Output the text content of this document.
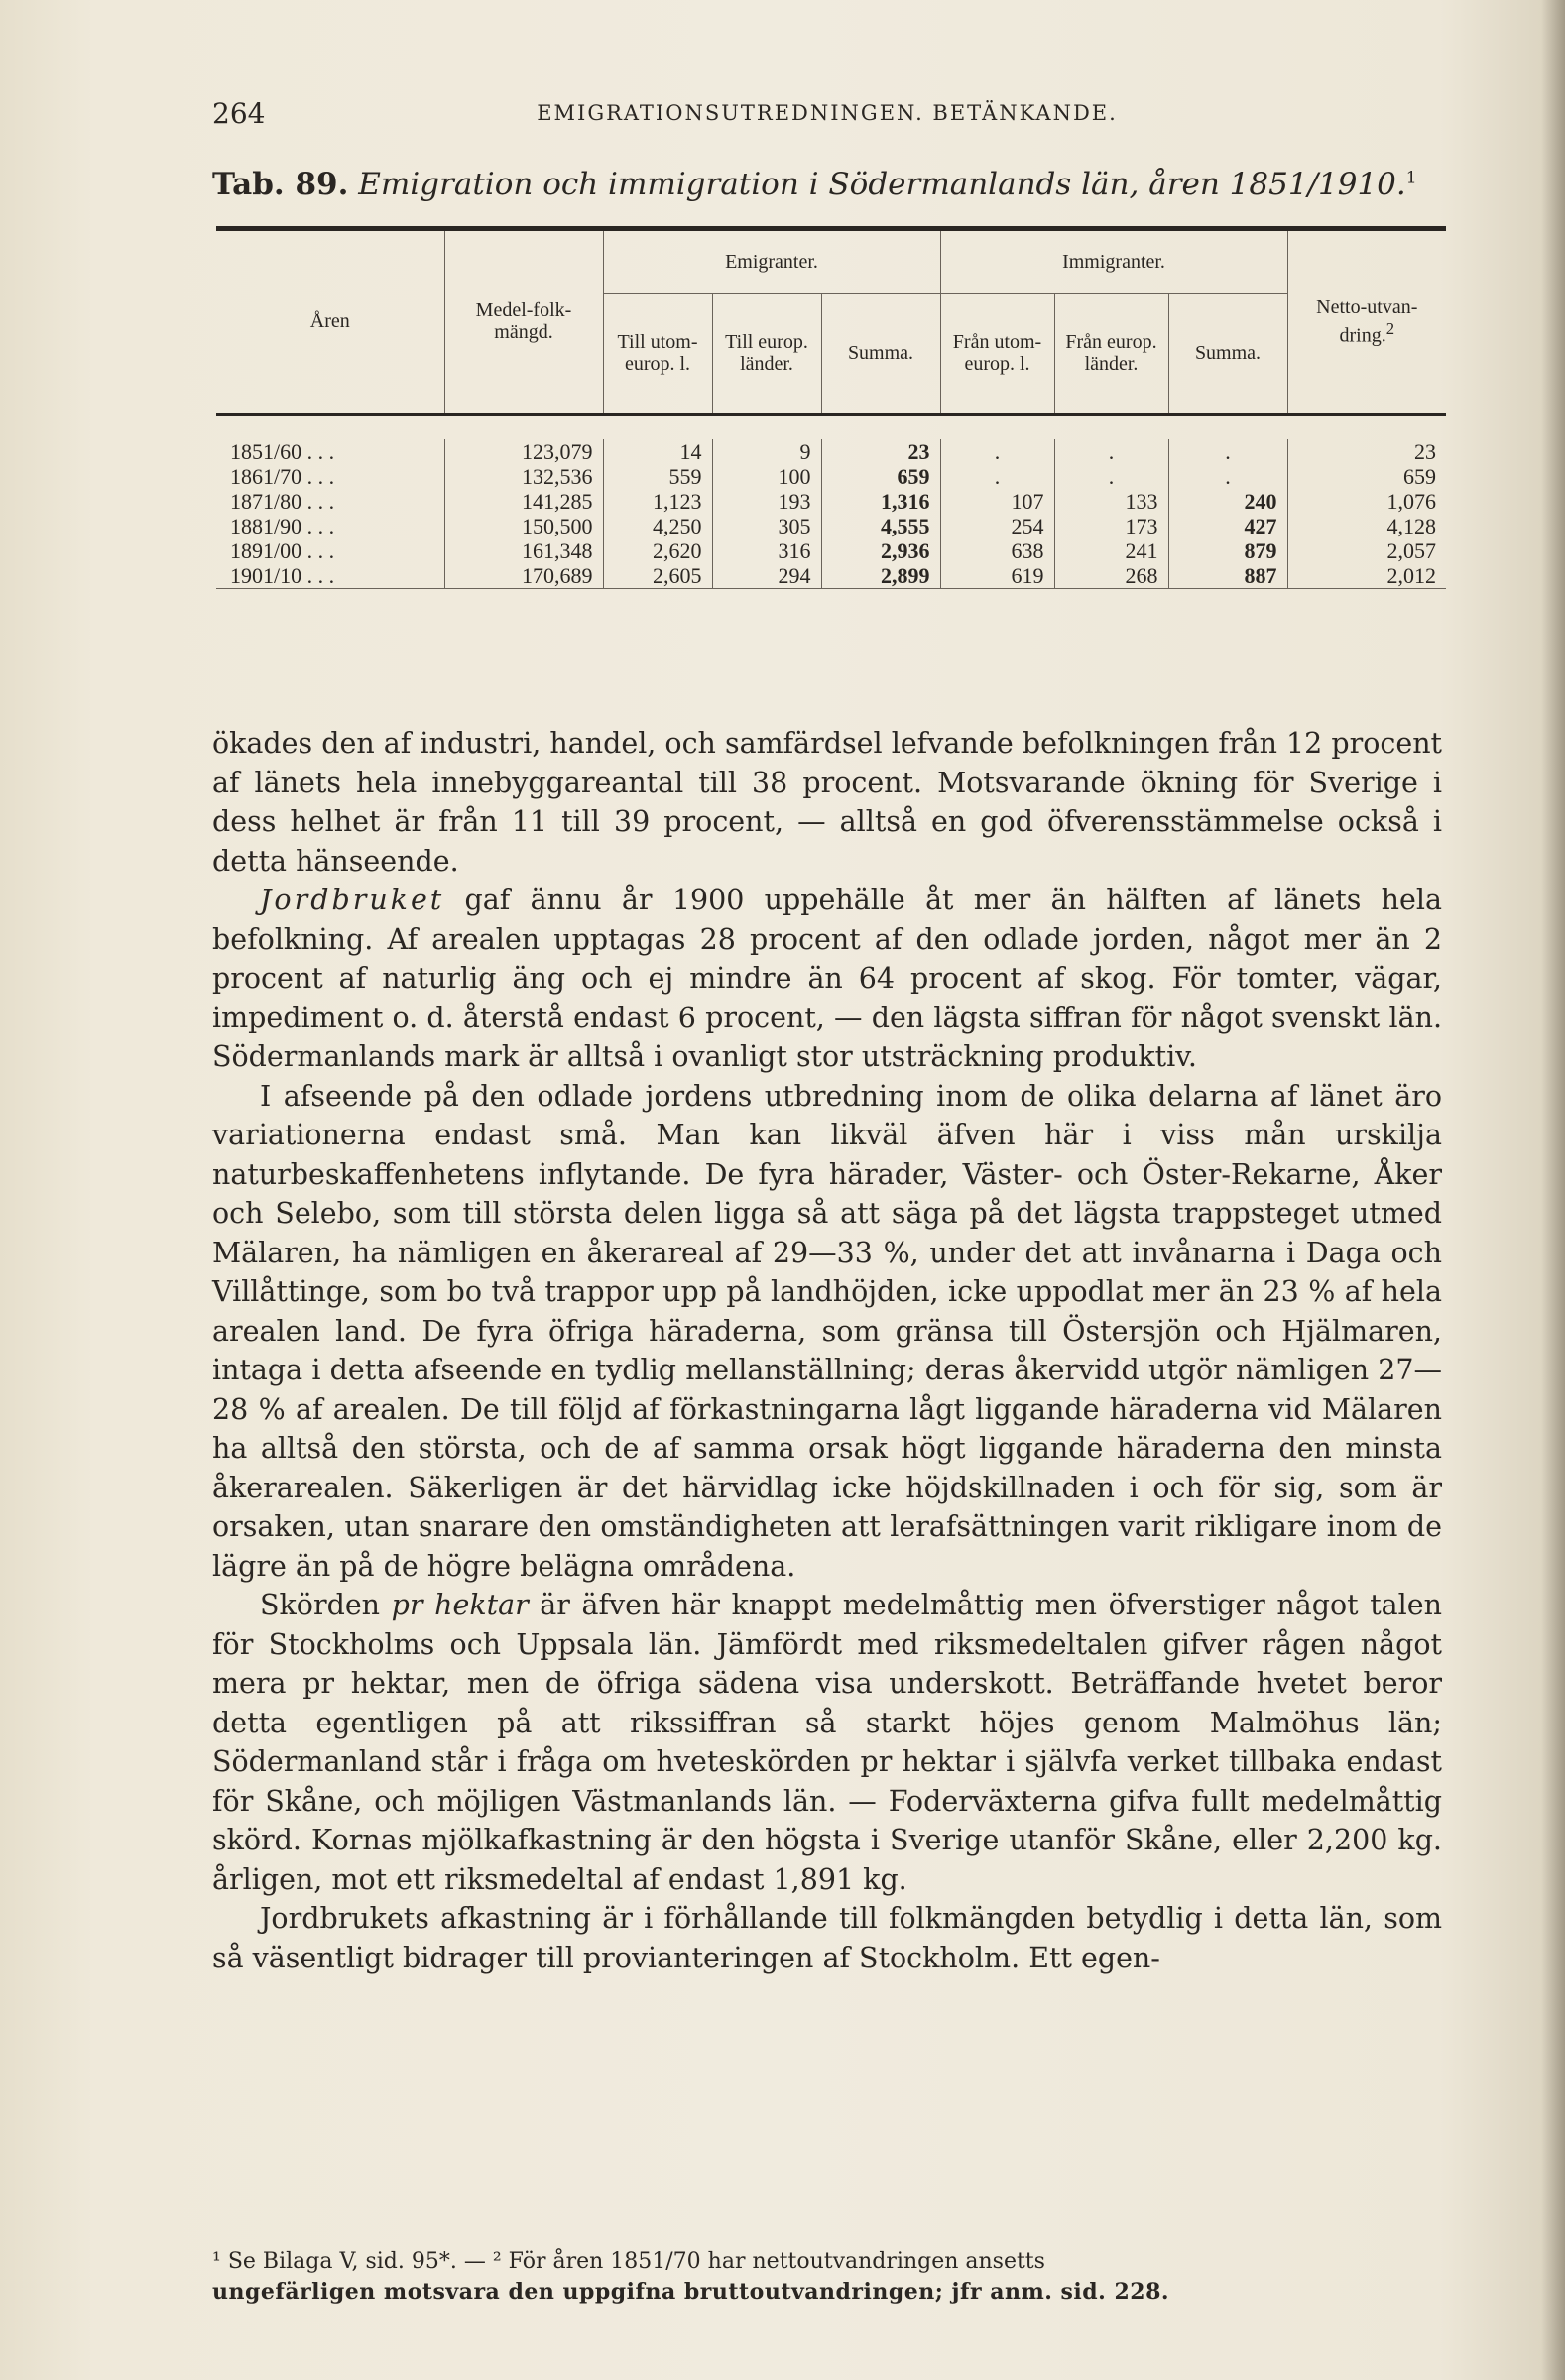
264	EMIGRATIONSUTREDNINGEN. BETÄNKANDE.
Tab. 89. Emigration och immigration i Södermanlands län, åren 1851/1910.$^1$
Åren	Medel-folk-mängd.	Emigranter.			Immigranter.			Netto-utvan-dring.$^2$
		Till utom-europ. l.	Till europ. länder.	Summa.	Från utom-europ. l.	Från europ. länder.	Summa.	

1851/60 . . .	123,079	14	9	23	.	.	.	23
1861/70 . . .	132,536	559	100	659	.	.	.	659
1871/80 . . .	141,285	1,123	193	1,316	107	133	240	1,076
1881/90 . . .	150,500	4,250	305	4,555	254	173	427	4,128
1891/00 . . .	161,348	2,620	316	2,936	638	241	879	2,057
1901/10 . . .	170,689	2,605	294	2,899	619	268	887	2,012

ökades den af industri, handel, och samfärdsel lefvande befolkningen från 12 procent af länets hela innebyggareantal till 38 procent. Motsvarande ökning för Sverige i dess helhet är från 11 till 39 procent, — alltså en god öfverensstämmelse också i detta hänseende.

Jordbruket gaf ännu år 1900 uppehälle åt mer än hälften af länets hela befolkning. Af arealen upptagas 28 procent af den odlade jorden, något mer än 2 procent af naturlig äng och ej mindre än 64 procent af skog. För tomter, vägar, impediment o. d. återstå endast 6 procent, — den lägsta siffran för något svenskt län. Södermanlands mark är alltså i ovanligt stor utsträckning produktiv.

I afseende på den odlade jordens utbredning inom de olika delarna af länet äro variationerna endast små. Man kan likväl äfven här i viss mån urskilja naturbeskaffenhetens inflytande. De fyra härader, Väster- och Öster-Rekarne, Åker och Selebo, som till största delen ligga så att säga på det lägsta trappsteget utmed Mälaren, ha nämligen en åkerareal af 29—33 %, under det att invånarna i Daga och Villåttinge, som bo två trappor upp på landhöjden, icke uppodlat mer än 23 % af hela arealen land. De fyra öfriga häraderna, som gränsa till Östersjön och Hjälmaren, intaga i detta afseende en tydlig mellanställning; deras åkervidd utgör nämligen 27—28 % af arealen. De till följd af förkastningarna lågt liggande häraderna vid Mälaren ha alltså den största, och de af samma orsak högt liggande häraderna den minsta åkerarealen. Säkerligen är det härvidlag icke höjdskillnaden i och för sig, som är orsaken, utan snarare den omständigheten att lerafsättningen varit rikligare inom de lägre än på de högre belägna områdena.

Skörden pr hektar är äfven här knappt medelmåttig men öfverstiger något talen för Stockholms och Uppsala län. Jämfördt med riksmedeltalen gifver rågen något mera pr hektar, men de öfriga sädena visa underskott. Beträffande hvetet beror detta egentligen på att rikssiffran så starkt höjes genom Malmöhus län; Södermanland står i fråga om hveteskörden pr hektar i självfa verket tillbaka endast för Skåne, och möjligen Västmanlands län. — Foderväxterna gifva fullt medelmåttig skörd. Kornas mjölkafkastning är den högsta i Sverige utanför Skåne, eller 2,200 kg. årligen, mot ett riksmedeltal af endast 1,891 kg.

Jordbrukets afkastning är i förhållande till folkmängden betydlig i detta län, som så väsentligt bidrager till provianteringen af Stockholm. Ett egen-

¹ Se Bilaga V, sid. 95*. — ² För åren 1851/70 har nettoutvandringen ansetts

ungefärligen motsvara den uppgifna bruttoutvandringen; jfr anm. sid. 228.
